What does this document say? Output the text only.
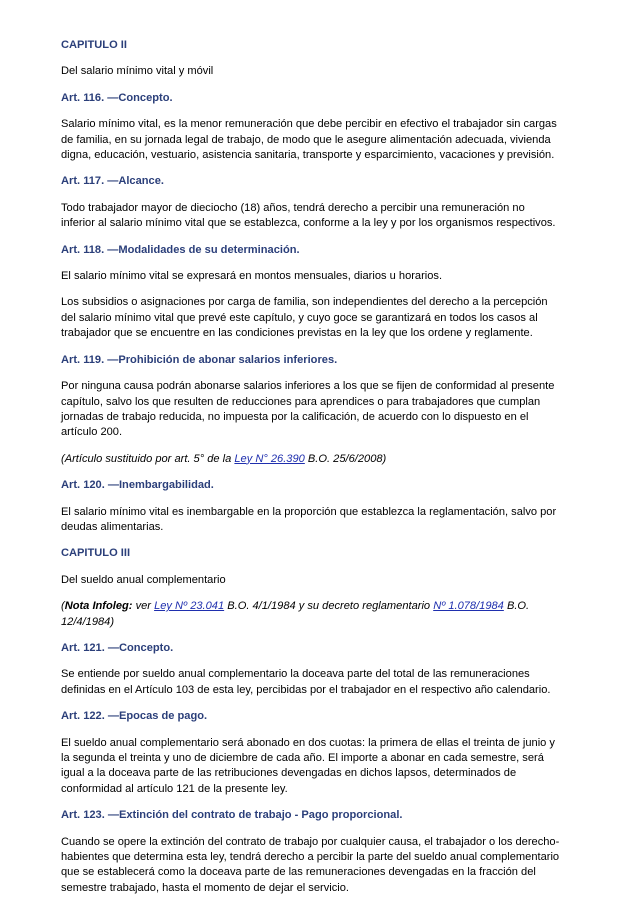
CAPITULO II
Del salario mínimo vital y móvil
Art. 116. —Concepto.
Salario mínimo vital, es la menor remuneración que debe percibir en efectivo el trabajador sin cargas de familia, en su jornada legal de trabajo, de modo que le asegure alimentación adecuada, vivienda digna, educación, vestuario, asistencia sanitaria, transporte y esparcimiento, vacaciones y previsión.
Art. 117. —Alcance.
Todo trabajador mayor de dieciocho (18) años, tendrá derecho a percibir una remuneración no inferior al salario mínimo vital que se establezca, conforme a la ley y por los organismos respectivos.
Art. 118. —Modalidades de su determinación.
El salario mínimo vital se expresará en montos mensuales, diarios u horarios.
Los subsidios o asignaciones por carga de familia, son independientes del derecho a la percepción del salario mínimo vital que prevé este capítulo, y cuyo goce se garantizará en todos los casos al trabajador que se encuentre en las condiciones previstas en la ley que los ordene y reglamente.
Art. 119. —Prohibición de abonar salarios inferiores.
Por ninguna causa podrán abonarse salarios inferiores a los que se fijen de conformidad al presente capítulo, salvo los que resulten de reducciones para aprendices o para trabajadores que cumplan jornadas de trabajo reducida, no impuesta por la calificación, de acuerdo con lo dispuesto en el artículo 200.
(Artículo sustituido por art. 5° de la Ley N° 26.390 B.O. 25/6/2008)
Art. 120. —Inembargabilidad.
El salario mínimo vital es inembargable en la proporción que establezca la reglamentación, salvo por deudas alimentarias.
CAPITULO III
Del sueldo anual complementario
(Nota Infoleg: ver Ley Nº 23.041 B.O. 4/1/1984 y su decreto reglamentario Nº 1.078/1984 B.O. 12/4/1984)
Art. 121. —Concepto.
Se entiende por sueldo anual complementario la doceava parte del total de las remuneraciones definidas en el Artículo 103 de esta ley, percibidas por el trabajador en el respectivo año calendario.
Art. 122. —Epocas de pago.
El sueldo anual complementario será abonado en dos cuotas: la primera de ellas el treinta de junio y la segunda el treinta y uno de diciembre de cada año. El importe a abonar en cada semestre, será igual a la doceava parte de las retribuciones devengadas en dichos lapsos, determinados de conformidad al artículo 121 de la presente ley.
Art. 123. —Extinción del contrato de trabajo - Pago proporcional.
Cuando se opere la extinción del contrato de trabajo por cualquier causa, el trabajador o los derecho-habientes que determina esta ley, tendrá derecho a percibir la parte del sueldo anual complementario que se establecerá como la doceava parte de las remuneraciones devengadas en la fracción del semestre trabajado, hasta el momento de dejar el servicio.
